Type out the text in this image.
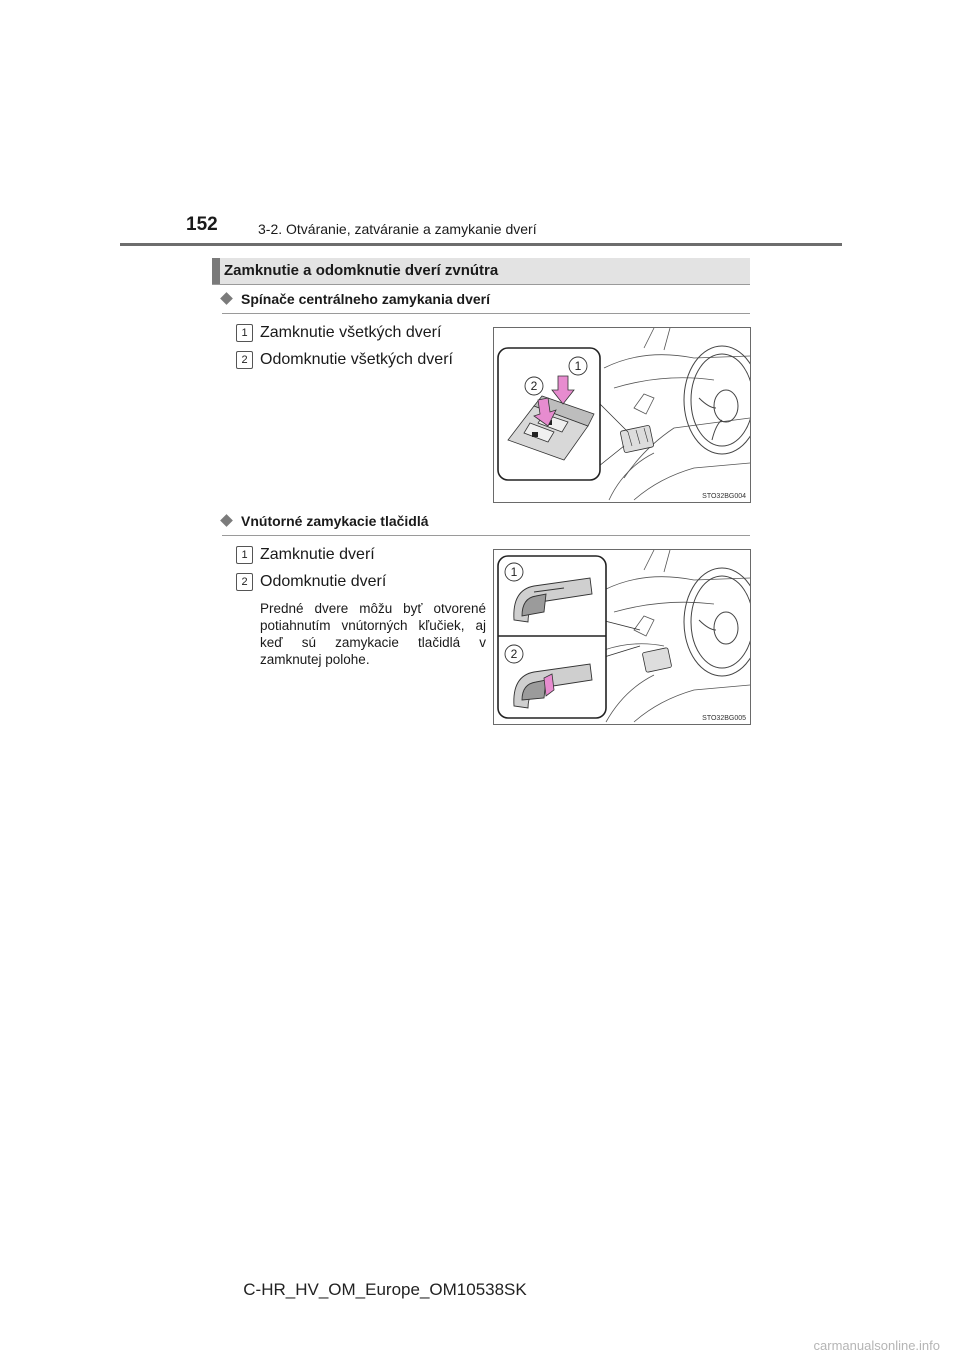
152	3-2. Otváranie, zatváranie a zamykanie dverí
Zamknutie a odomknutie dverí zvnútra
Spínače centrálneho zamykania dverí
1 Zamknutie všetkých dverí
2 Odomknutie všetkých dverí	1
2
STO32BG004
Vnútorné zamykacie tlačidlá
1 Zamknutie dverí
2 Odomknutie dverí
Predné dvere môžu byť otvorené potiahnutím vnútorných kľučiek, aj keď sú zamykacie tlačidlá v zamknutej polohe.
1
2
STO32BG005
C-HR_HV_OM_Europe_OM10538SK
carmanualsonline.info
